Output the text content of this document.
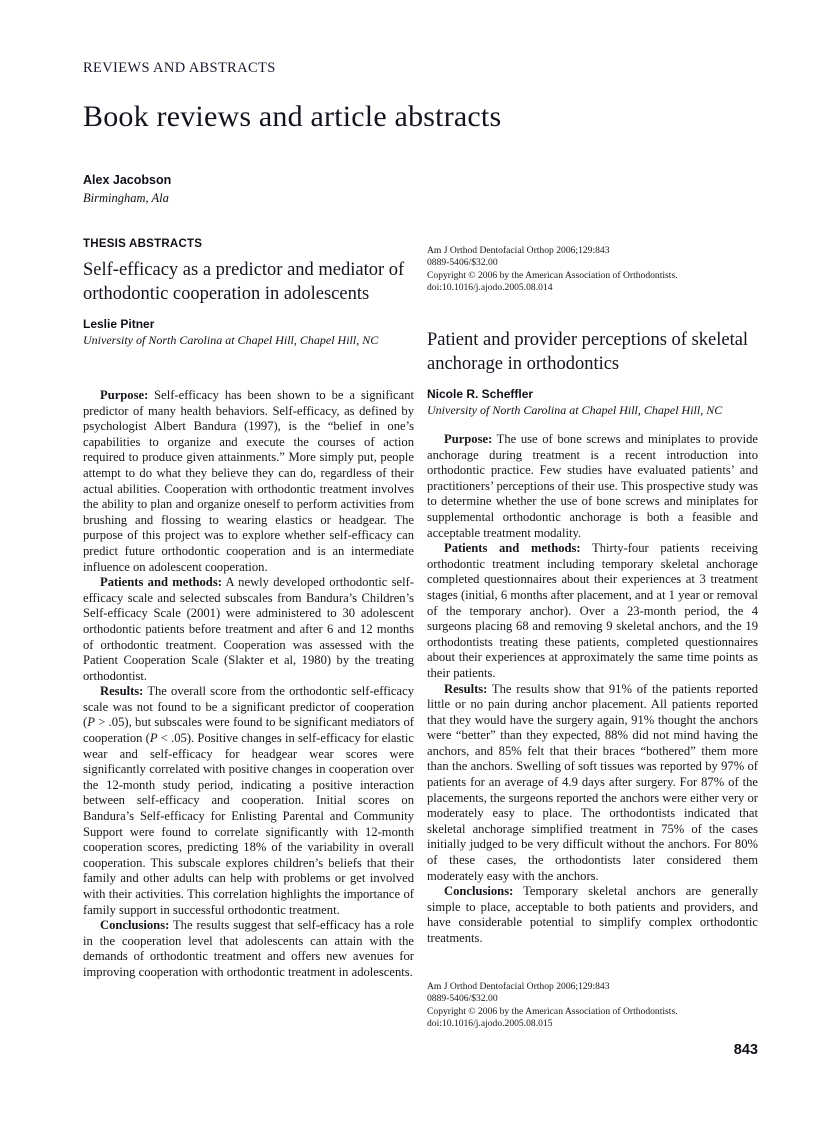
REVIEWS AND ABSTRACTS
Book reviews and article abstracts
Alex Jacobson
Birmingham, Ala
THESIS ABSTRACTS
Self-efficacy as a predictor and mediator of orthodontic cooperation in adolescents
Leslie Pitner
University of North Carolina at Chapel Hill, Chapel Hill, NC

Purpose: Self-efficacy has been shown to be a significant predictor of many health behaviors. Self-efficacy, as defined by psychologist Albert Bandura (1997), is the “belief in one’s capabilities to organize and execute the courses of action required to produce given attainments.” More simply put, people attempt to do what they believe they can do, regardless of their actual abilities. Cooperation with orthodontic treatment involves the ability to plan and organize oneself to perform activities from brushing and flossing to wearing elastics or headgear. The purpose of this project was to explore whether self-efficacy can predict future orthodontic cooperation and is an intermediate influence on adolescent cooperation.

Patients and methods: A newly developed orthodontic self-efficacy scale and selected subscales from Bandura’s Children’s Self-efficacy Scale (2001) were administered to 30 adolescent orthodontic patients before treatment and after 6 and 12 months of orthodontic treatment. Cooperation was assessed with the Patient Cooperation Scale (Slakter et al, 1980) by the treating orthodontist.

Results: The overall score from the orthodontic self-efficacy scale was not found to be a significant predictor of cooperation (P > .05), but subscales were found to be significant mediators of cooperation (P < .05). Positive changes in self-efficacy for elastic wear and self-efficacy for headgear wear scores were significantly correlated with positive changes in cooperation over the 12-month study period, indicating a positive interaction between self-efficacy and cooperation. Initial scores on Bandura’s Self-efficacy for Enlisting Parental and Community Support were found to correlate significantly with 12-month cooperation scores, predicting 18% of the variability in overall cooperation. This subscale explores children’s beliefs that their family and other adults can help with problems or get involved with their activities. This correlation highlights the importance of family support in successful orthodontic treatment.

Conclusions: The results suggest that self-efficacy has a role in the cooperation level that adolescents can attain with the demands of orthodontic treatment and offers new avenues for improving cooperation with orthodontic treatment in adolescents.

Am J Orthod Dentofacial Orthop 2006;129:843
0889-5406/$32.00
Copyright © 2006 by the American Association of Orthodontists.
doi:10.1016/j.ajodo.2005.08.014
Patient and provider perceptions of skeletal anchorage in orthodontics
Nicole R. Scheffler
University of North Carolina at Chapel Hill, Chapel Hill, NC

Purpose: The use of bone screws and miniplates to provide anchorage during treatment is a recent introduction into orthodontic practice. Few studies have evaluated patients’ and practitioners’ perceptions of their use. This prospective study was to determine whether the use of bone screws and miniplates for supplemental orthodontic anchorage is both a feasible and acceptable treatment modality.

Patients and methods: Thirty-four patients receiving orthodontic treatment including temporary skeletal anchorage completed questionnaires about their experiences at 3 treatment stages (initial, 6 months after placement, and at 1 year or removal of the temporary anchor). Over a 23-month period, the 4 surgeons placing 68 and removing 9 skeletal anchors, and the 19 orthodontists treating these patients, completed questionnaires about their experiences at approximately the same time points as their patients.

Results: The results show that 91% of the patients reported little or no pain during anchor placement. All patients reported that they would have the surgery again, 91% thought the anchors were “better” than they expected, 88% did not mind having the anchors, and 85% felt that their braces “bothered” them more than the anchors. Swelling of soft tissues was reported by 97% of patients for an average of 4.9 days after surgery. For 87% of the placements, the surgeons reported the anchors were either very or moderately easy to place. The orthodontists indicated that skeletal anchorage simplified treatment in 75% of the cases initially judged to be very difficult without the anchors. For 80% of these cases, the orthodontists later considered them moderately easy with the anchors.

Conclusions: Temporary skeletal anchors are generally simple to place, acceptable to both patients and providers, and have considerable potential to simplify complex orthodontic treatments.

Am J Orthod Dentofacial Orthop 2006;129:843
0889-5406/$32.00
Copyright © 2006 by the American Association of Orthodontists.
doi:10.1016/j.ajodo.2005.08.015
843
